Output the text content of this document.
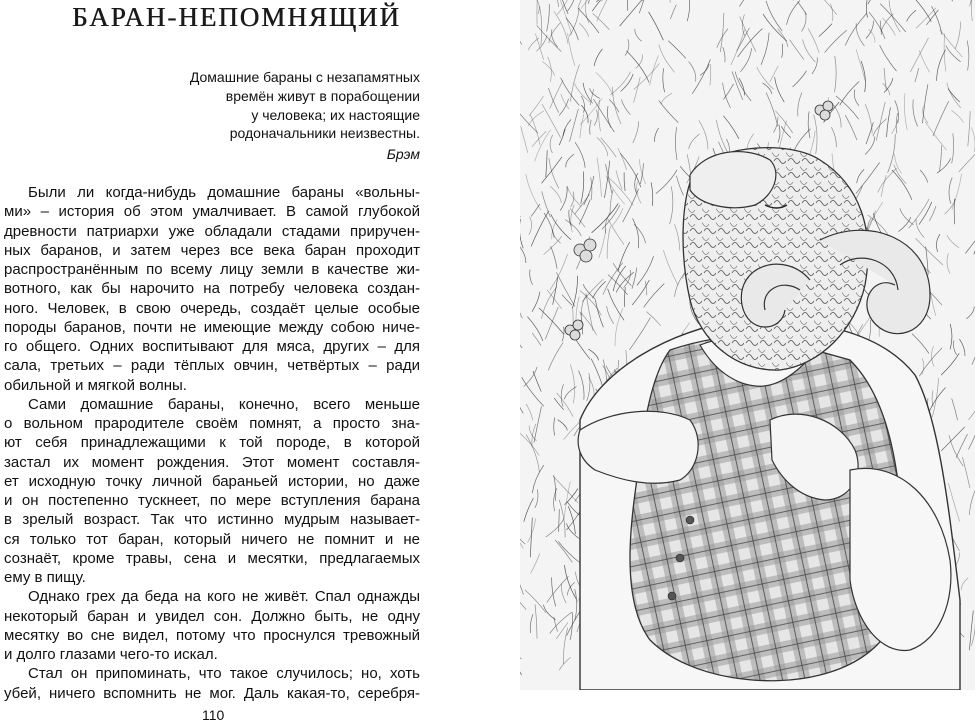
БАРАН-НЕПОМНЯЩИЙ
Домашние бараны с незапамятных
времён живут в порабощении
у человека; их настоящие
родоначальники неизвестны.
Брэм
Были ли когда-нибудь домашние бараны «вольны-
ми» – история об этом умалчивает. В самой глубокой
древности патриархи уже обладали стадами приручен-
ных баранов, и затем через все века баран проходит
распространённым по всему лицу земли в качестве жи-
вотного, как бы нарочито на потребу человека создан-
ного. Человек, в свою очередь, создаёт целые особые
породы баранов, почти не имеющие между собою ниче-
го общего. Одних воспитывают для мяса, других – для
сала, третьих – ради тёплых овчин, четвёртых – ради
обильной и мягкой волны.
Сами домашние бараны, конечно, всего меньше
о вольном прародителе своём помнят, а просто зна-
ют себя принадлежащими к той породе, в которой
застал их момент рождения. Этот момент составля-
ет исходную точку личной бараньей истории, но даже
и он постепенно тускнеет, по мере вступления барана
в зрелый возраст. Так что истинно мудрым называет-
ся только тот баран, который ничего не помнит и не
сознаёт, кроме травы, сена и месятки, предлагаемых
ему в пищу.
Однако грех да беда на кого не живёт. Спал однажды
некоторый баран и увидел сон. Должно быть, не одну
месятку во сне видел, потому что проснулся тревожный
и долго глазами чего-то искал.
Стал он припоминать, что такое случилось; но, хоть
убей, ничего вспомнить не мог. Даль какая-то, серебря-
110
